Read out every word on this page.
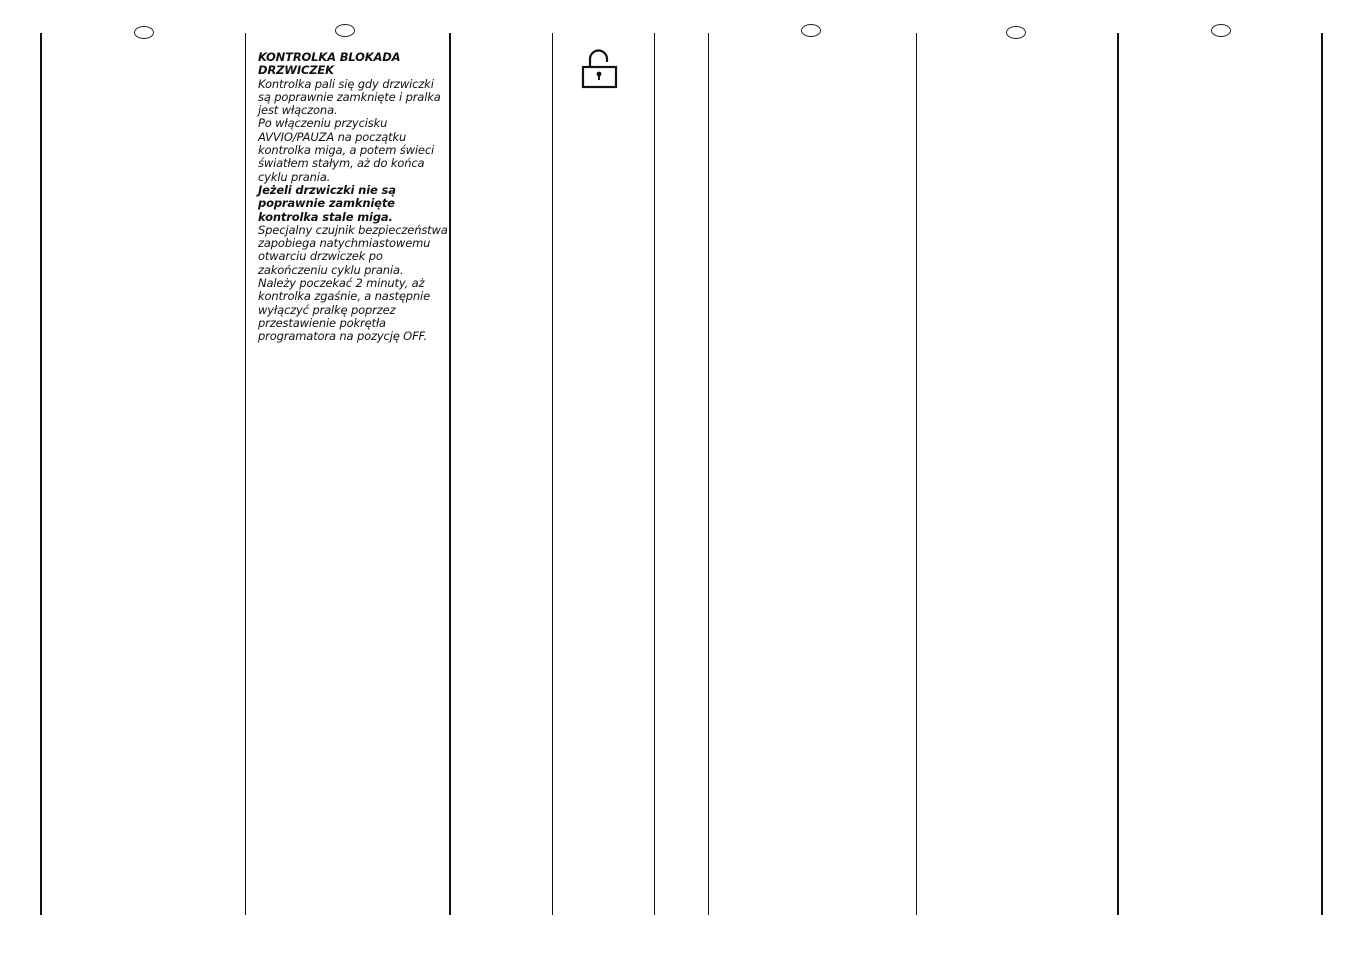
KONTROLKA BLOKADA DRZWICZEK

Kontrolka pali się gdy drzwiczki są poprawnie zamknięte i pralka jest włączona.

Po włączeniu przycisku AVVIO/PAUZA na początku kontrolka miga, a potem świeci światłem stałym, aż do końca cyklu prania.

Jeżeli drzwiczki nie są poprawnie zamknięte kontrolka stale miga.

Specjalny czujnik bezpieczeństwa zapobiega natychmiastowemu otwarciu drzwiczek po zakończeniu cyklu prania.

Należy poczekać 2 minuty, aż kontrolka zgaśnie, a następnie wyłączyć pralkę poprzez przestawienie pokrętła programatora na pozycję OFF.
